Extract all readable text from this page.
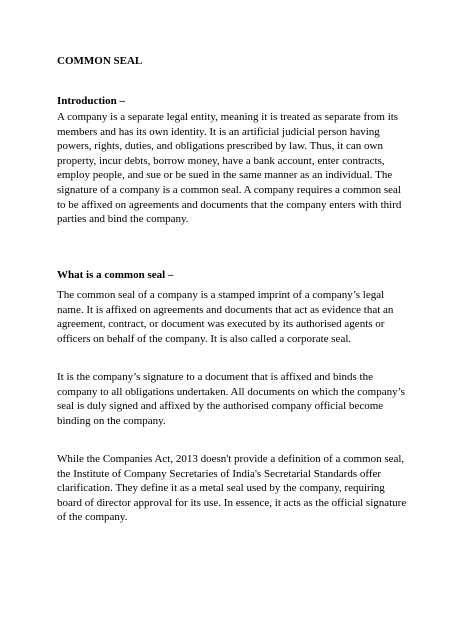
COMMON SEAL
Introduction –
A company is a separate legal entity, meaning it is treated as separate from its
members and has its own identity. It is an artificial judicial person having
powers, rights, duties, and obligations prescribed by law. Thus, it can own
property, incur debts, borrow money, have a bank account, enter contracts,
employ people, and sue or be sued in the same manner as an individual. The
signature of a company is a common seal. A company requires a common seal
to be affixed on agreements and documents that the company enters with third
parties and bind the company.
What is a common seal –
The common seal of a company is a stamped imprint of a company’s legal
name. It is affixed on agreements and documents that act as evidence that an
agreement, contract, or document was executed by its authorised agents or
officers on behalf of the company. It is also called a corporate seal.
It is the company’s signature to a document that is affixed and binds the
company to all obligations undertaken. All documents on which the company’s
seal is duly signed and affixed by the authorised company official become
binding on the company.
While the Companies Act, 2013 doesn't provide a definition of a common seal,
the Institute of Company Secretaries of India's Secretarial Standards offer
clarification. They define it as a metal seal used by the company, requiring
board of director approval for its use. In essence, it acts as the official signature
of the company.
